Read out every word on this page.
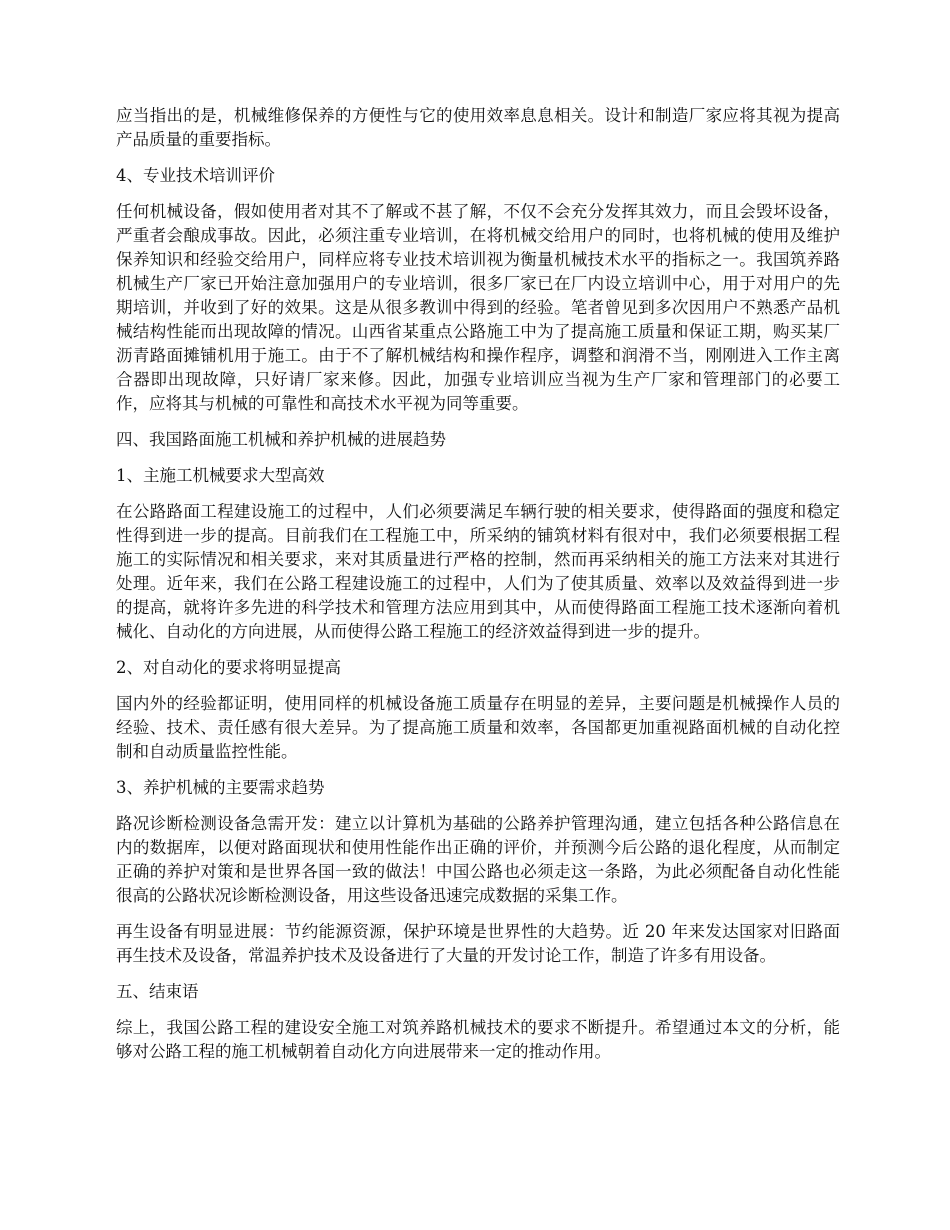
应当指出的是，机械维修保养的方便性与它的使用效率息息相关。设计和制造厂家应将其视为提高产品质量的重要指标。

4、专业技术培训评价

任何机械设备，假如使用者对其不了解或不甚了解，不仅不会充分发挥其效力，而且会毁坏设备，严重者会酿成事故。因此，必须注重专业培训，在将机械交给用户的同时，也将机械的使用及维护保养知识和经验交给用户，同样应将专业技术培训视为衡量机械技术水平的指标之一。我国筑养路机械生产厂家已开始注意加强用户的专业培训，很多厂家已在厂内设立培训中心，用于对用户的先期培训，并收到了好的效果。这是从很多教训中得到的经验。笔者曾见到多次因用户不熟悉产品机械结构性能而出现故障的情况。山西省某重点公路施工中为了提高施工质量和保证工期，购买某厂沥青路面摊铺机用于施工。由于不了解机械结构和操作程序，调整和润滑不当，刚刚进入工作主离合器即出现故障，只好请厂家来修。因此，加强专业培训应当视为生产厂家和管理部门的必要工作，应将其与机械的可靠性和高技术水平视为同等重要。

四、我国路面施工机械和养护机械的进展趋势

1、主施工机械要求大型高效

在公路路面工程建设施工的过程中，人们必须要满足车辆行驶的相关要求，使得路面的强度和稳定性得到进一步的提高。目前我们在工程施工中，所采纳的铺筑材料有很对中，我们必须要根据工程施工的实际情况和相关要求，来对其质量进行严格的控制，然而再采纳相关的施工方法来对其进行处理。近年来，我们在公路工程建设施工的过程中，人们为了使其质量、效率以及效益得到进一步的提高，就将许多先进的科学技术和管理方法应用到其中，从而使得路面工程施工技术逐渐向着机械化、自动化的方向进展，从而使得公路工程施工的经济效益得到进一步的提升。

2、对自动化的要求将明显提高

国内外的经验都证明，使用同样的机械设备施工质量存在明显的差异，主要问题是机械操作人员的经验、技术、责任感有很大差异。为了提高施工质量和效率，各国都更加重视路面机械的自动化控制和自动质量监控性能。

3、养护机械的主要需求趋势

路况诊断检测设备急需开发：建立以计算机为基础的公路养护管理沟通，建立包括各种公路信息在内的数据库，以便对路面现状和使用性能作出正确的评价，并预测今后公路的退化程度，从而制定正确的养护对策和是世界各国一致的做法！中国公路也必须走这一条路，为此必须配备自动化性能很高的公路状况诊断检测设备，用这些设备迅速完成数据的采集工作。

再生设备有明显进展：节约能源资源，保护环境是世界性的大趋势。近 20 年来发达国家对旧路面再生技术及设备，常温养护技术及设备进行了大量的开发讨论工作，制造了许多有用设备。

五、结束语

综上，我国公路工程的建设安全施工对筑养路机械技术的要求不断提升。希望通过本文的分析，能够对公路工程的施工机械朝着自动化方向进展带来一定的推动作用。
